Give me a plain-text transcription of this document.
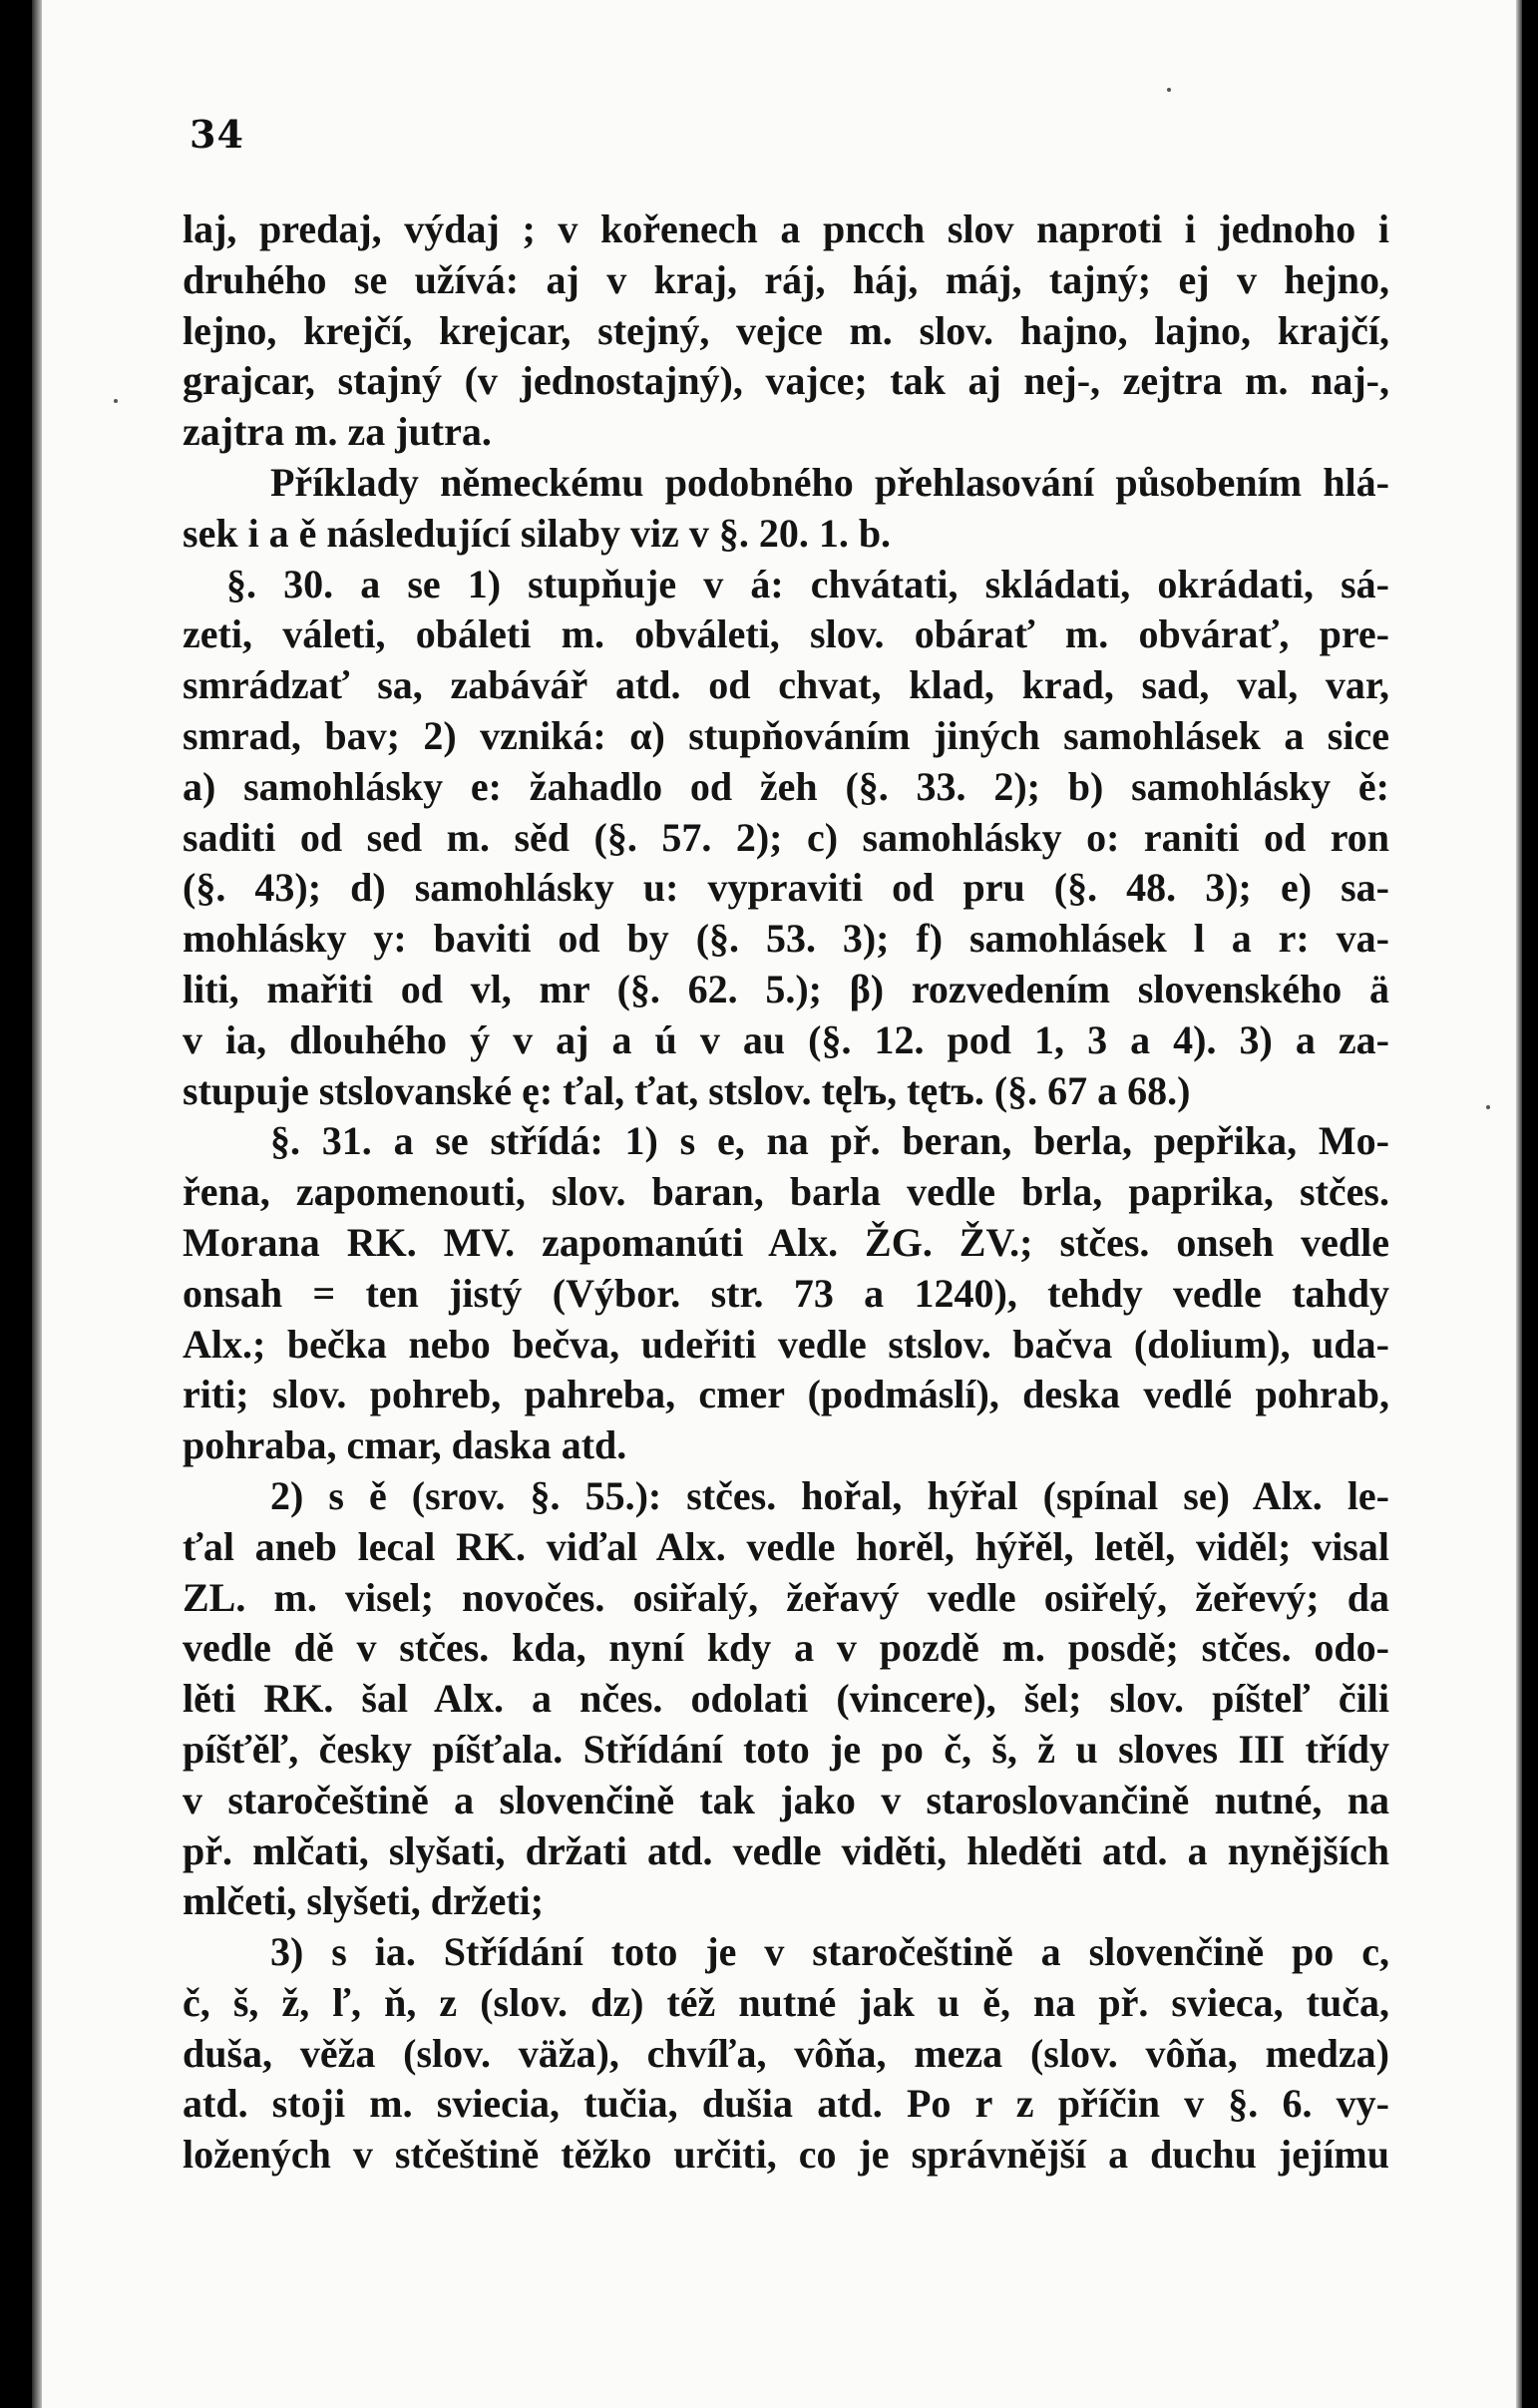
34
laj, predaj, výdaj ; v kořenech a pncch slov naproti i jednoho i
druhého se užívá: aj v kraj, ráj, háj, máj, tajný; ej v hejno,
lejno, krejčí, krejcar, stejný, vejce m. slov. hajno, lajno, krajčí,
grajcar, stajný (v jednostajný), vajce; tak aj nej-, zejtra m. naj-,
zajtra m. za jutra.
Příklady německému podobného přehlasování působením hlá-
sek i a ě následující silaby viz v §. 20. 1. b.
§. 30. a se 1) stupňuje v á: chvátati, skládati, okrádati, sá-
zeti, váleti, obáleti m. obváleti, slov. obárať m. obvárať, pre-
smrádzať sa, zabávář atd. od chvat, klad, krad, sad, val, var,
smrad, bav; 2) vzniká: α) stupňováním jiných samohlásek a sice
a) samohlásky e: žahadlo od žeh (§. 33. 2); b) samohlásky ě:
saditi od sed m. sěd (§. 57. 2); c) samohlásky o: raniti od ron
(§. 43); d) samohlásky u: vypraviti od pru (§. 48. 3); e) sa-
mohlásky y: baviti od by (§. 53. 3); f) samohlásek l a r: va-
liti, mařiti od vl, mr (§. 62. 5.); β) rozvedením slovenského ä
v ia, dlouhého ý v aj a ú v au (§. 12. pod 1, 3 a 4). 3) a za-
stupuje stslovanské ę: ťal, ťat, stslov. tęlъ, tętъ. (§. 67 a 68.)
§. 31. a se střídá: 1) s e, na př. beran, berla, pepřika, Mo-
řena, zapomenouti, slov. baran, barla vedle brla, paprika, stčes.
Morana RK. MV. zapomanúti Alx. ŽG. ŽV.; stčes. onseh vedle
onsah = ten jistý (Výbor. str. 73 a 1240), tehdy vedle tahdy
Alx.; bečka nebo bečva, udeřiti vedle stslov. bačva (dolium), uda-
riti; slov. pohreb, pahreba, cmer (podmáslí), deska vedlé pohrab,
pohraba, cmar, daska atd.
2) s ě (srov. §. 55.): stčes. hořal, hýřal (spínal se) Alx. le-
ťal aneb lecal RK. viďal Alx. vedle horěl, hýřěl, letěl, viděl; visal
ZL. m. visel; novočes. osiřalý, žeřavý vedle osiřelý, žeřevý; da
vedle dě v stčes. kda, nyní kdy a v pozdě m. posdě; stčes. odo-
lěti RK. šal Alx. a nčes. odolati (vincere), šel; slov. píšteľ čili
píšťěľ, česky píšťala. Střídání toto je po č, š, ž u sloves III třídy
v staročeštině a slovenčině tak jako v staroslovančině nutné, na
př. mlčati, slyšati, držati atd. vedle viděti, hleděti atd. a nynějších
mlčeti, slyšeti, držeti;
3) s ia. Střídání toto je v staročeštině a slovenčině po c,
č, š, ž, ľ, ň, z (slov. dz) též nutné jak u ě, na př. svieca, tuča,
duša, věža (slov. väža), chvíľa, vôňa, meza (slov. vôňa, medza)
atd. stoji m. sviecia, tučia, dušia atd. Po r z příčin v §. 6. vy-
ložených v stčeštině těžko určiti, co je správnější a duchu jejímu
